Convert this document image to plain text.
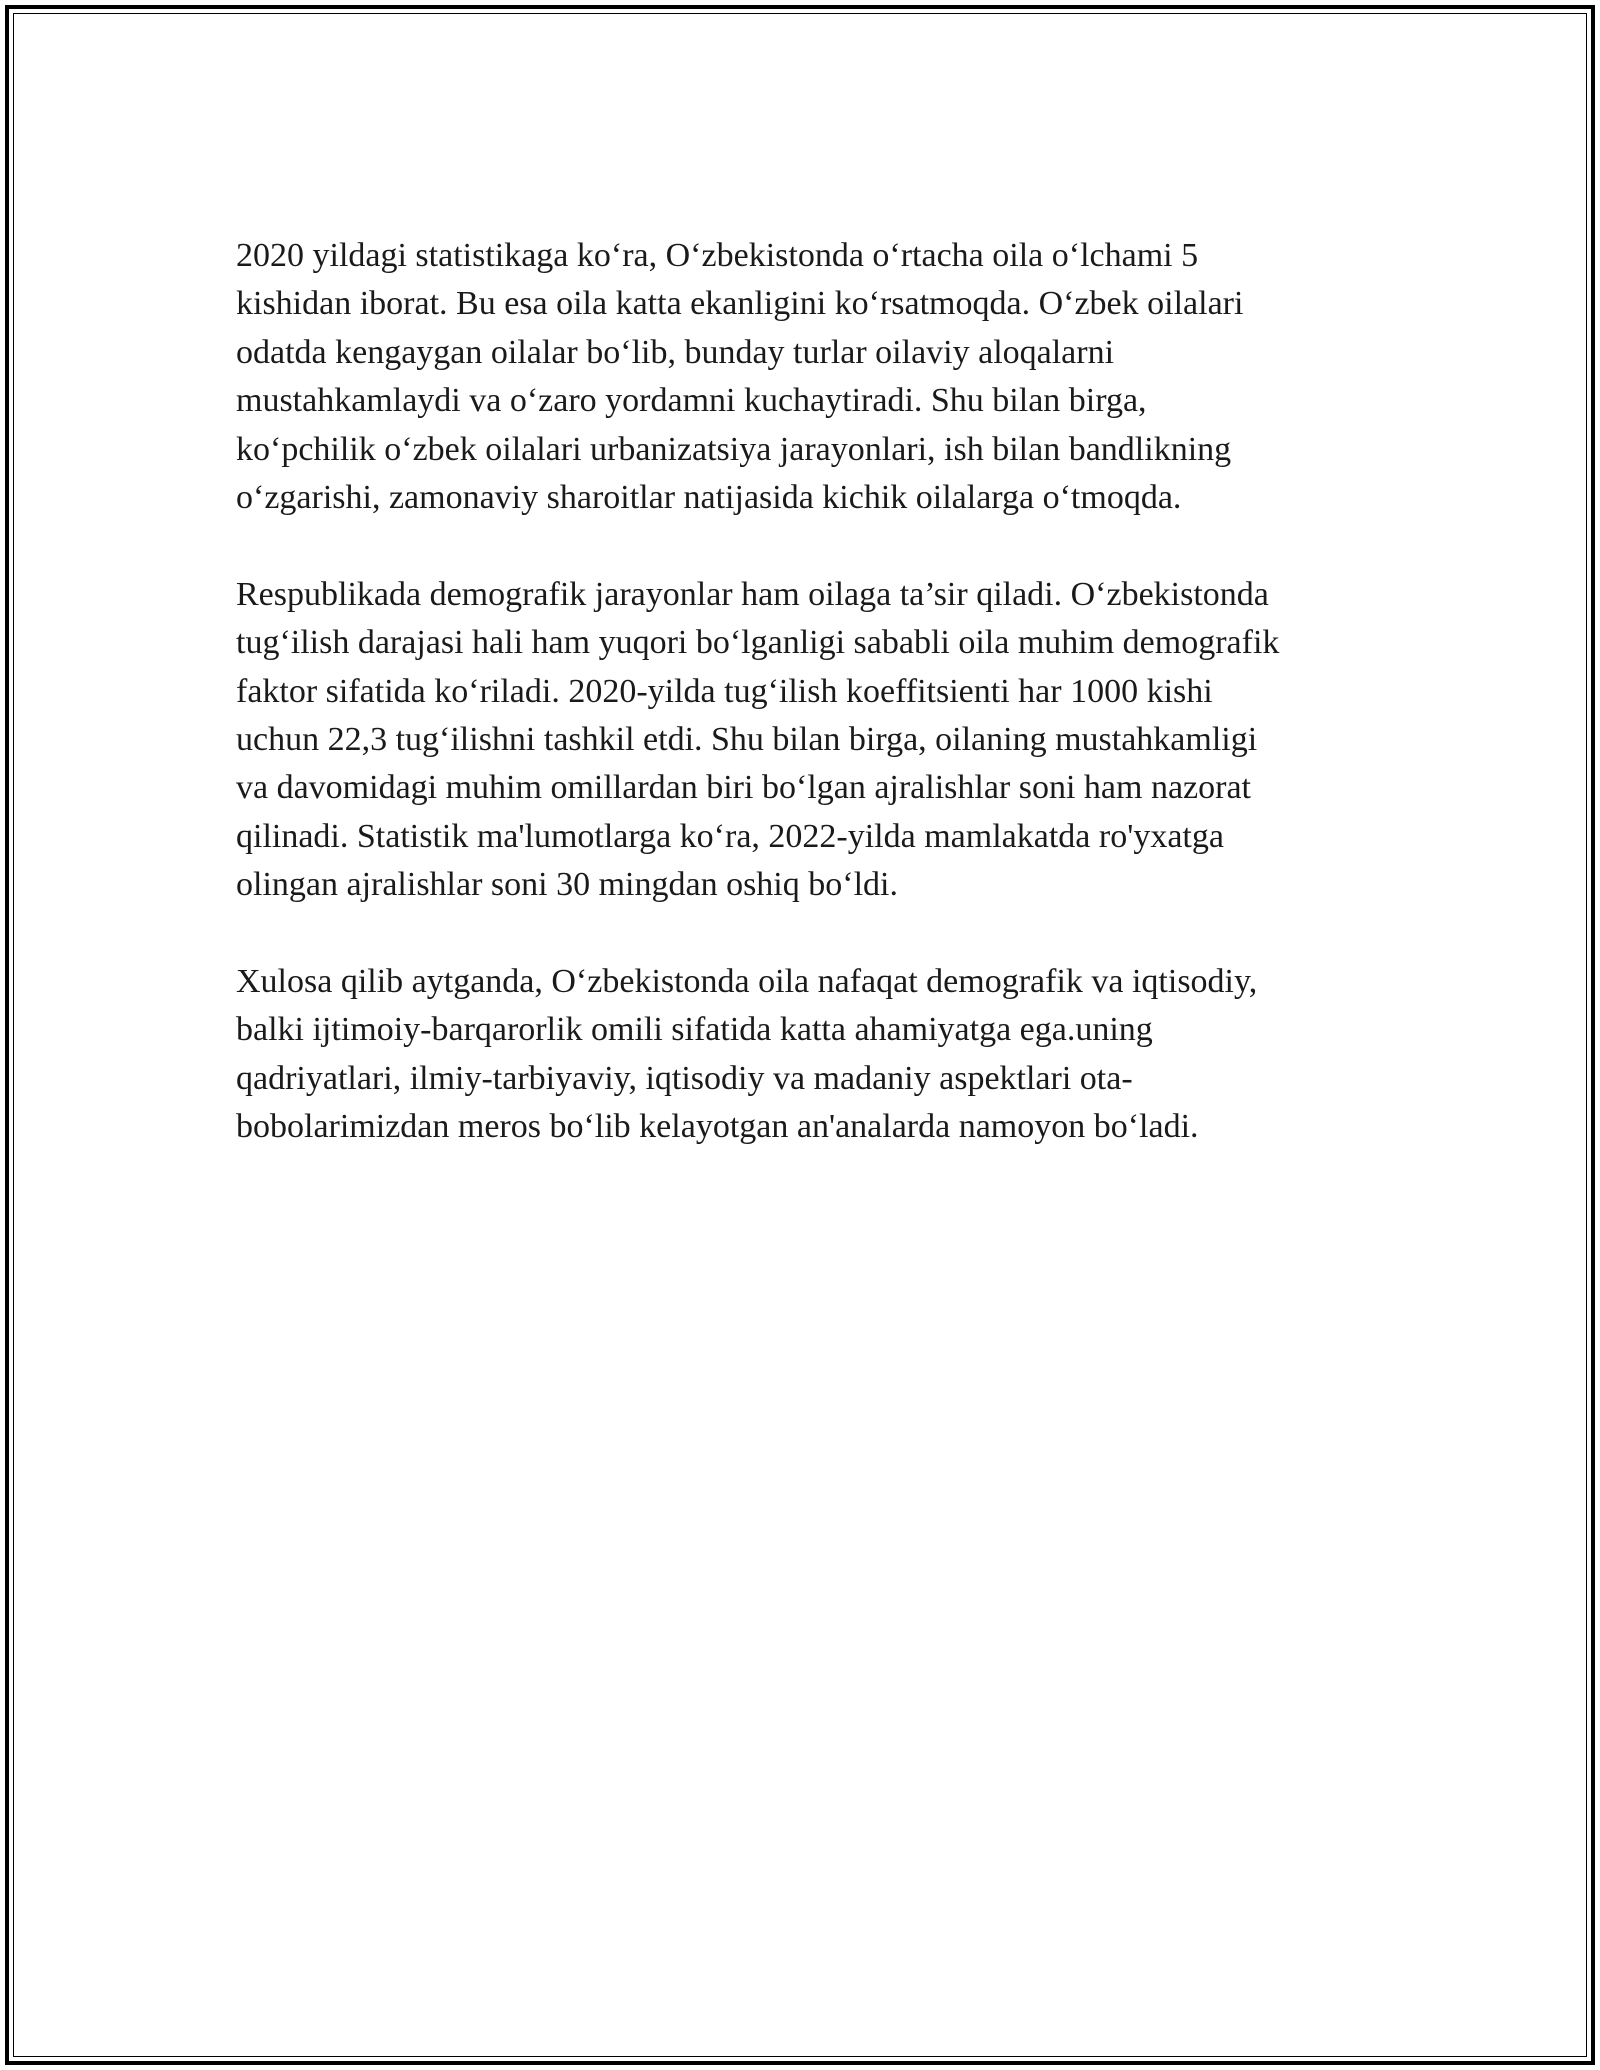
2020 yildagi statistikaga ko‘ra, O‘zbekistonda o‘rtacha oila o‘lchami 5
kishidan iborat. Bu esa oila katta ekanligini ko‘rsatmoqda. O‘zbek oilalari
odatda kengaygan oilalar bo‘lib, bunday turlar oilaviy aloqalarni
mustahkamlaydi va o‘zaro yordamni kuchaytiradi. Shu bilan birga,
ko‘pchilik o‘zbek oilalari urbanizatsiya jarayonlari, ish bilan bandlikning
o‘zgarishi, zamonaviy sharoitlar natijasida kichik oilalarga o‘tmoqda.

Respublikada demografik jarayonlar ham oilaga ta’sir qiladi. O‘zbekistonda
tug‘ilish darajasi hali ham yuqori bo‘lganligi sababli oila muhim demografik
faktor sifatida ko‘riladi. 2020-yilda tug‘ilish koeffitsienti har 1000 kishi
uchun 22,3 tug‘ilishni tashkil etdi. Shu bilan birga, oilaning mustahkamligi
va davomidagi muhim omillardan biri bo‘lgan ajralishlar soni ham nazorat
qilinadi. Statistik ma'lumotlarga ko‘ra, 2022-yilda mamlakatda ro'yxatga
olingan ajralishlar soni 30 mingdan oshiq bo‘ldi.

Xulosa qilib aytganda, O‘zbekistonda oila nafaqat demografik va iqtisodiy,
balki ijtimoiy-barqarorlik omili sifatida katta ahamiyatga ega.uning
qadriyatlari, ilmiy-tarbiyaviy, iqtisodiy va madaniy aspektlari ota-
bobolarimizdan meros bo‘lib kelayotgan an'analarda namoyon bo‘ladi.
